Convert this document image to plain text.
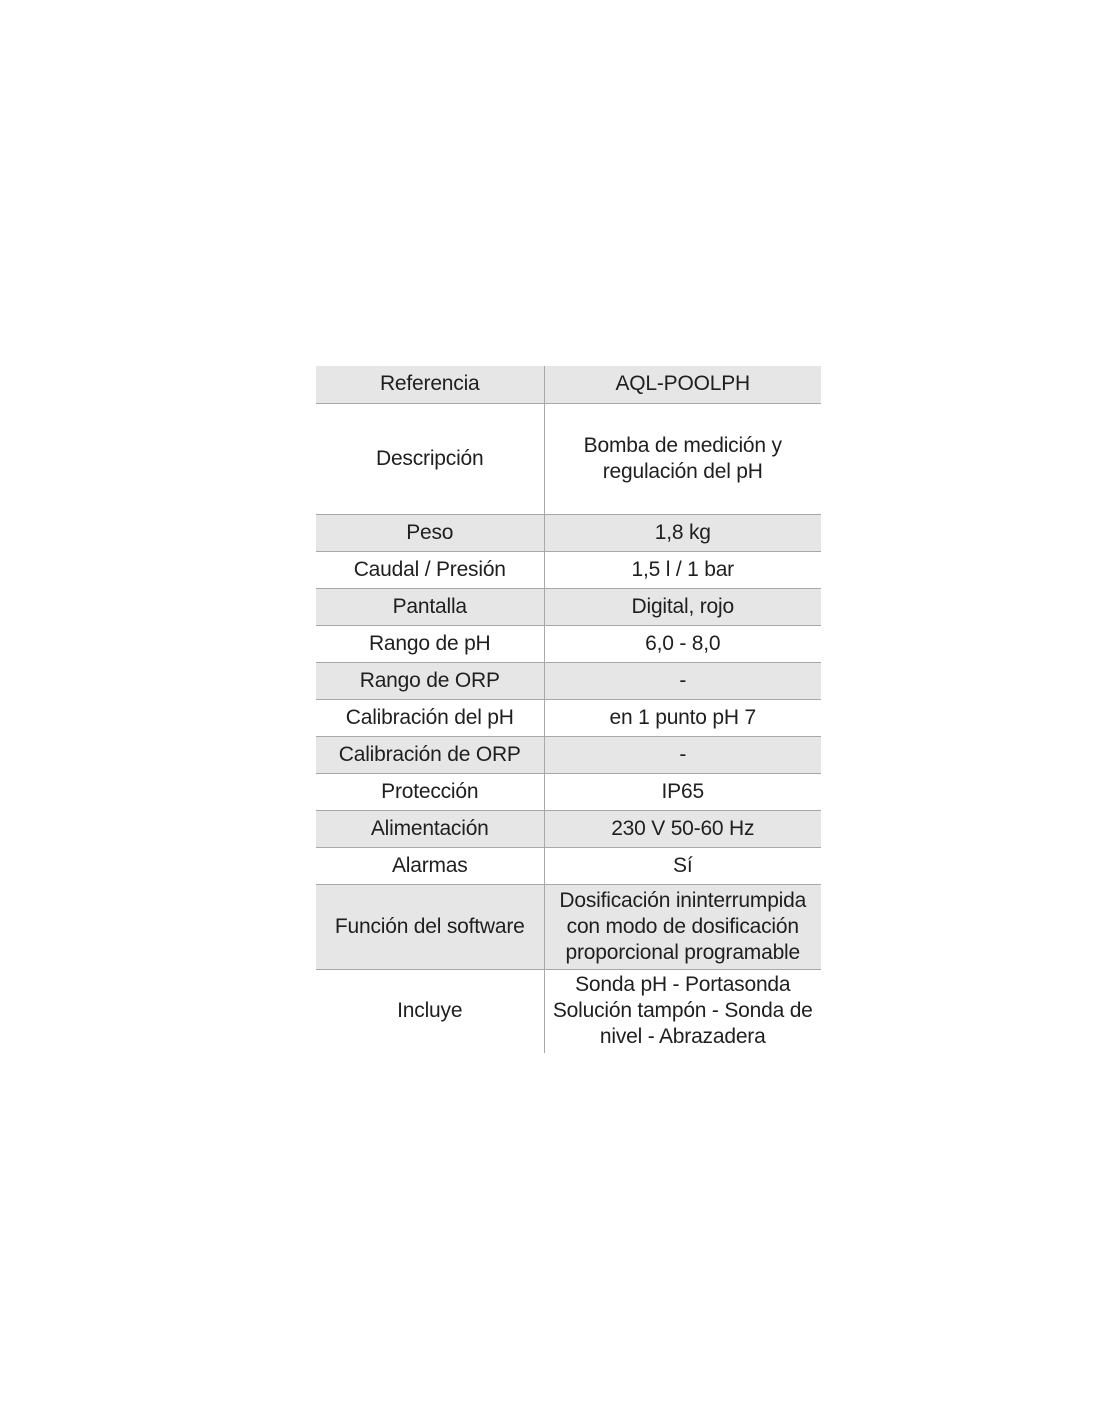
Referencia	AQL-POOLPH

Descripción	Bomba de medición y
regulación del pH

Peso	1,8 kg

Caudal / Presión	1,5 l / 1 bar

Pantalla	Digital, rojo

Rango de pH	6,0 - 8,0

Rango de ORP	-

Calibración del pH	en 1 punto pH 7

Calibración de ORP	-

Protección	IP65

Alimentación	230 V 50-60 Hz

Alarmas	Sí

Función del software	Dosificación ininterrumpida
con modo de dosificación
proporcional programable

Incluye	Sonda pH - Portasonda
Solución tampón - Sonda de
nivel - Abrazadera
